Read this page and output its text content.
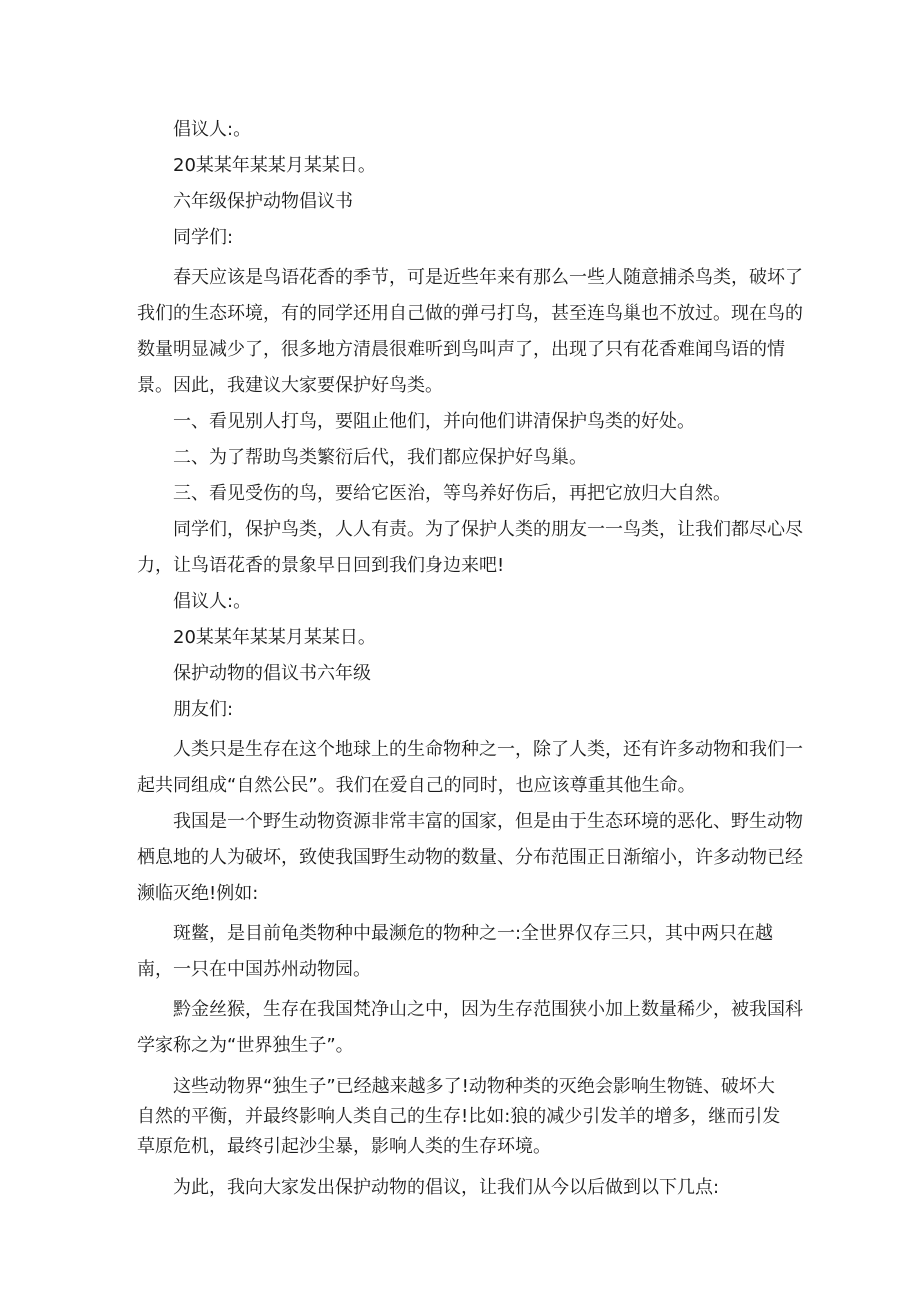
倡议人:。
20某某年某某月某某日。
六年级保护动物倡议书
同学们:
春天应该是鸟语花香的季节，可是近些年来有那么一些人随意捕杀鸟类，破坏了
我们的生态环境，有的同学还用自己做的弹弓打鸟，甚至连鸟巢也不放过。现在鸟的
数量明显减少了，很多地方清晨很难听到鸟叫声了，出现了只有花香难闻鸟语的情
景。因此，我建议大家要保护好鸟类。
一、看见别人打鸟，要阻止他们，并向他们讲清保护鸟类的好处。
二、为了帮助鸟类繁衍后代，我们都应保护好鸟巢。
三、看见受伤的鸟，要给它医治，等鸟养好伤后，再把它放归大自然。
同学们，保护鸟类，人人有责。为了保护人类的朋友一一鸟类，让我们都尽心尽
力，让鸟语花香的景象早日回到我们身边来吧!
倡议人:。
20某某年某某月某某日。
保护动物的倡议书六年级
朋友们:
人类只是生存在这个地球上的生命物种之一，除了人类，还有许多动物和我们一
起共同组成“自然公民”。我们在爱自己的同时，也应该尊重其他生命。
我国是一个野生动物资源非常丰富的国家，但是由于生态环境的恶化、野生动物
栖息地的人为破坏，致使我国野生动物的数量、分布范围正日渐缩小，许多动物已经
濒临灭绝!例如:
斑鳖，是目前龟类物种中最濒危的物种之一:全世界仅存三只，其中两只在越
南，一只在中国苏州动物园。
黔金丝猴，生存在我国梵净山之中，因为生存范围狭小加上数量稀少，被我国科
学家称之为“世界独生子”。
这些动物界“独生子”已经越来越多了!动物种类的灭绝会影响生物链、破坏大
自然的平衡，并最终影响人类自己的生存!比如:狼的减少引发羊的增多，继而引发
草原危机，最终引起沙尘暴，影响人类的生存环境。
为此，我向大家发出保护动物的倡议，让我们从今以后做到以下几点:
